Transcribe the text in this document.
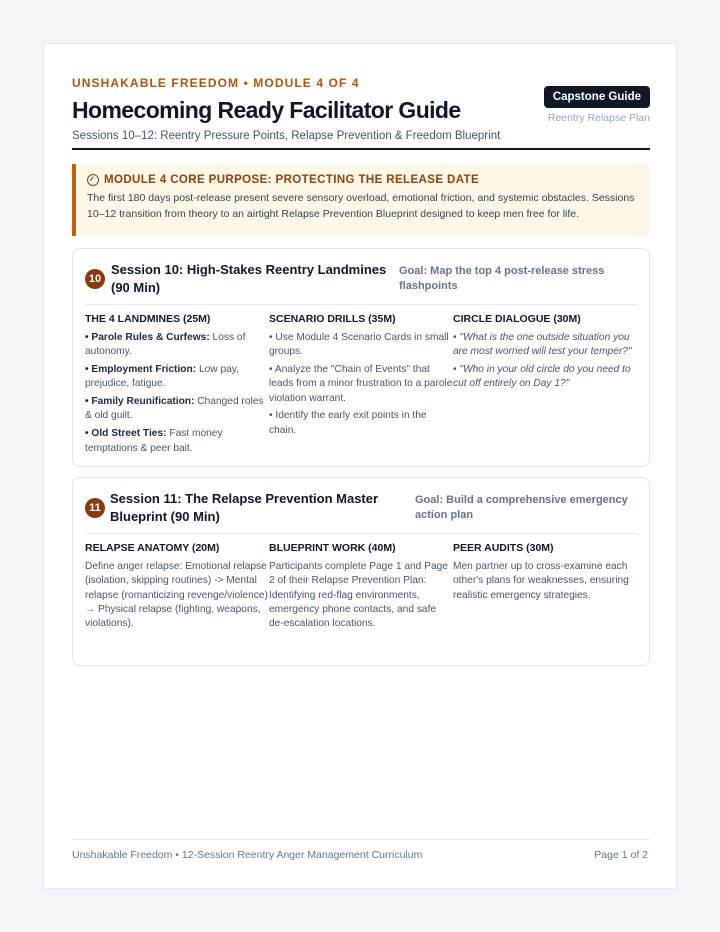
UNSHAKABLE FREEDOM • MODULE 4 OF 4
Homecoming Ready Facilitator Guide
Sessions 10–12: Reentry Pressure Points, Relapse Prevention & Freedom Blueprint
Capstone Guide
Reentry Relapse Plan
MODULE 4 CORE PURPOSE: PROTECTING THE RELEASE DATE
The first 180 days post-release present severe sensory overload, emotional friction, and systemic obstacles. Sessions 10–12 transition from theory to an airtight Relapse Prevention Blueprint designed to keep men free for life.
10
Session 10: High-Stakes Reentry Landmines (90 Min)
Goal: Map the top 4 post-release stress flashpoints
THE 4 LANDMINES (25M)

• Parole Rules & Curfews: Loss of autonomy.

• Employment Friction: Low pay, prejudice, fatigue.

• Family Reunification: Changed roles & old guilt.

• Old Street Ties: Fast money temptations & peer bait.

SCENARIO DRILLS (35M)

• Use Module 4 Scenario Cards in small groups.

• Analyze the "Chain of Events" that leads from a minor frustration to a parole violation warrant.

• Identify the early exit points in the chain.

CIRCLE DIALOGUE (30M)

• "What is the one outside situation you are most worried will test your temper?"

• "Who in your old circle do you need to cut off entirely on Day 1?"

11
Session 11: The Relapse Prevention Master Blueprint (90 Min)
Goal: Build a comprehensive emergency action plan
RELAPSE ANATOMY (20M)

Define anger relapse: Emotional relapse (isolation, skipping routines) -> Mental relapse (romanticizing revenge/violence) → Physical relapse (fighting, weapons, violations).

BLUEPRINT WORK (40M)

Participants complete Page 1 and Page 2 of their Relapse Prevention Plan: Identifying red-flag environments, emergency phone contacts, and safe de-escalation locations.

PEER AUDITS (30M)

Men partner up to cross-examine each other's plans for weaknesses, ensuring realistic emergency strategies.

Unshakable Freedom • 12-Session Reentry Anger Management Curriculum	Page 1 of 2
